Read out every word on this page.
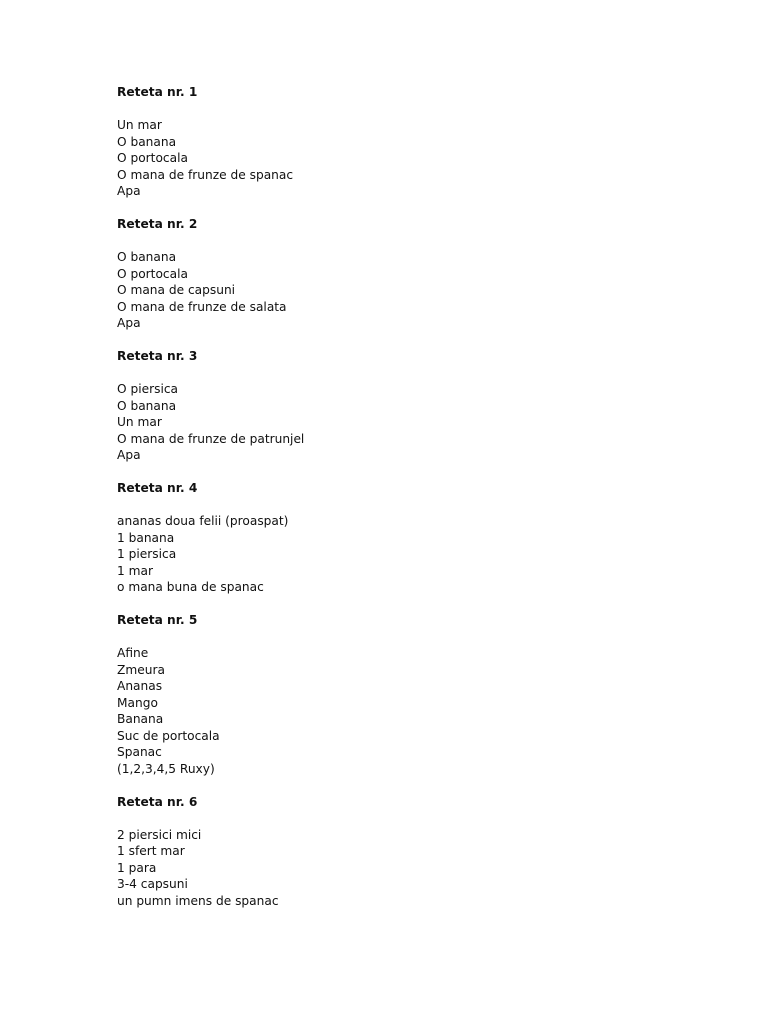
Reteta nr. 1
Un mar
O banana
O portocala
O mana de frunze de spanac
Apa
Reteta nr. 2
O banana
O portocala
O mana de capsuni
O mana de frunze de salata
Apa
Reteta nr. 3
O piersica
O banana
Un mar
O mana de frunze de patrunjel
Apa
Reteta nr. 4
ananas doua felii (proaspat)
1 banana
1 piersica
1 mar
o mana buna de spanac
Reteta nr. 5
Afine
Zmeura
Ananas
Mango
Banana
Suc de portocala
Spanac
(1,2,3,4,5 Ruxy)
Reteta nr. 6
2 piersici mici
1 sfert mar
1 para
3-4 capsuni
un pumn imens de spanac
